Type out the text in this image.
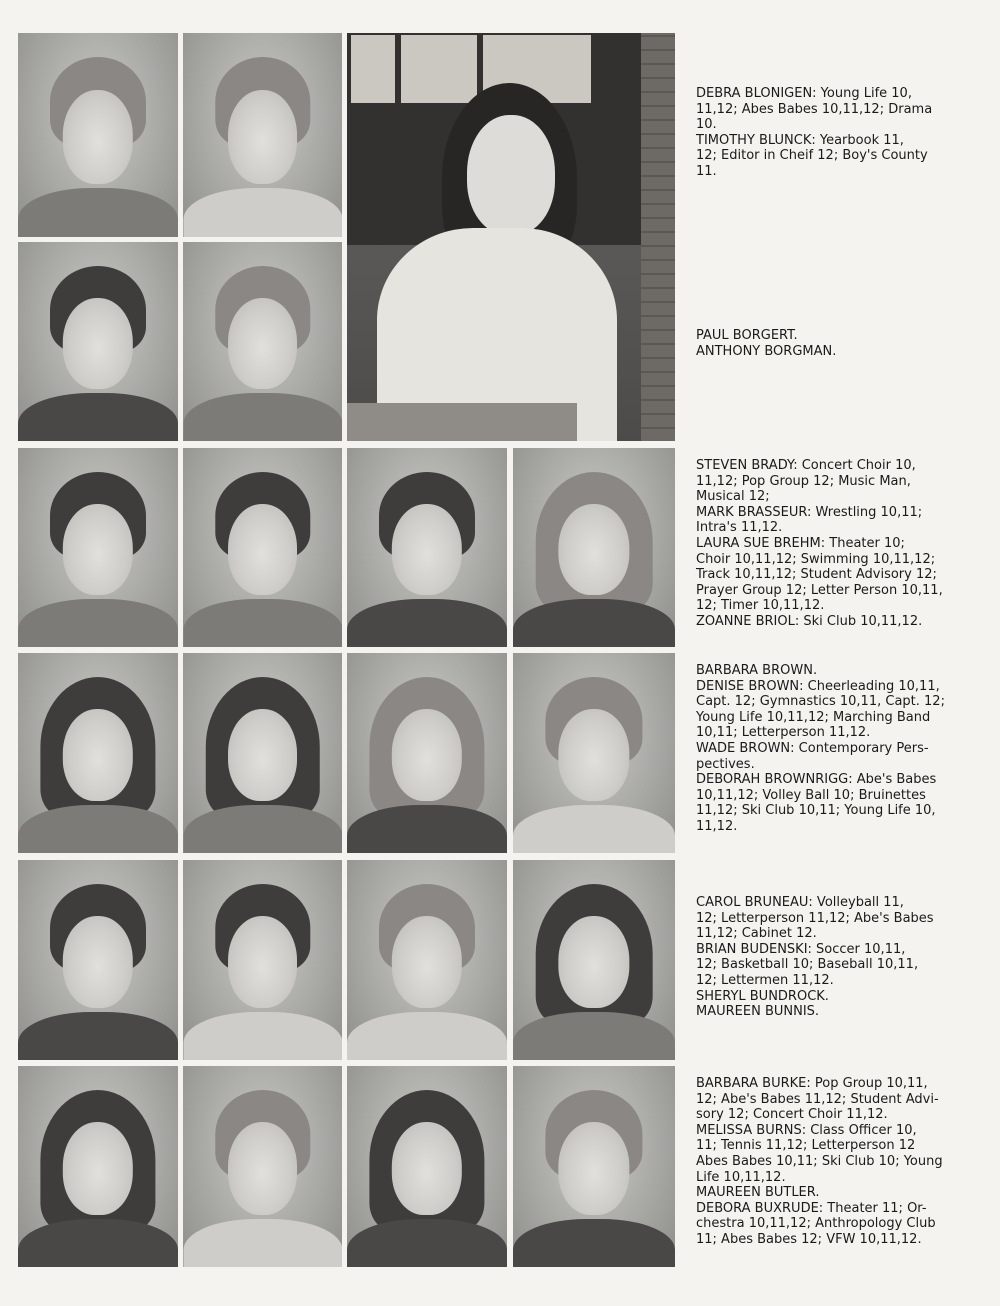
DEBRA BLONIGEN: Young Life 10,
11,12; Abes Babes 10,11,12; Drama
10.

TIMOTHY BLUNCK: Yearbook 11,
12; Editor in Cheif 12; Boy's County
11.

PAUL BORGERT.

ANTHONY BORGMAN.

STEVEN BRADY: Concert Choir 10,
11,12; Pop Group 12; Music Man,
Musical 12;

MARK BRASSEUR: Wrestling 10,11;
Intra's 11,12.

LAURA SUE BREHM: Theater 10;
Choir 10,11,12; Swimming 10,11,12;
Track 10,11,12; Student Advisory 12;
Prayer Group 12; Letter Person 10,11,
12; Timer 10,11,12.

ZOANNE BRIOL: Ski Club 10,11,12.

BARBARA BROWN.

DENISE BROWN: Cheerleading 10,11,
Capt. 12; Gymnastics 10,11, Capt. 12;
Young Life 10,11,12; Marching Band
10,11; Letterperson 11,12.

WADE BROWN: Contemporary Pers-
pectives.

DEBORAH BROWNRIGG: Abe's Babes
10,11,12; Volley Ball 10; Bruinettes
11,12; Ski Club 10,11; Young Life 10,
11,12.

CAROL BRUNEAU: Volleyball 11,
12; Letterperson 11,12; Abe's Babes
11,12; Cabinet 12.

BRIAN BUDENSKI: Soccer 10,11,
12; Basketball 10; Baseball 10,11,
12; Lettermen 11,12.

SHERYL BUNDROCK.

MAUREEN BUNNIS.

BARBARA BURKE: Pop Group 10,11,
12; Abe's Babes 11,12; Student Advi-
sory 12; Concert Choir 11,12.

MELISSA BURNS: Class Officer 10,
11; Tennis 11,12; Letterperson 12
Abes Babes 10,11; Ski Club 10; Young
Life 10,11,12.

MAUREEN BUTLER.

DEBORA BUXRUDE: Theater 11; Or-
chestra 10,11,12; Anthropology Club
11; Abes Babes 12; VFW 10,11,12.
